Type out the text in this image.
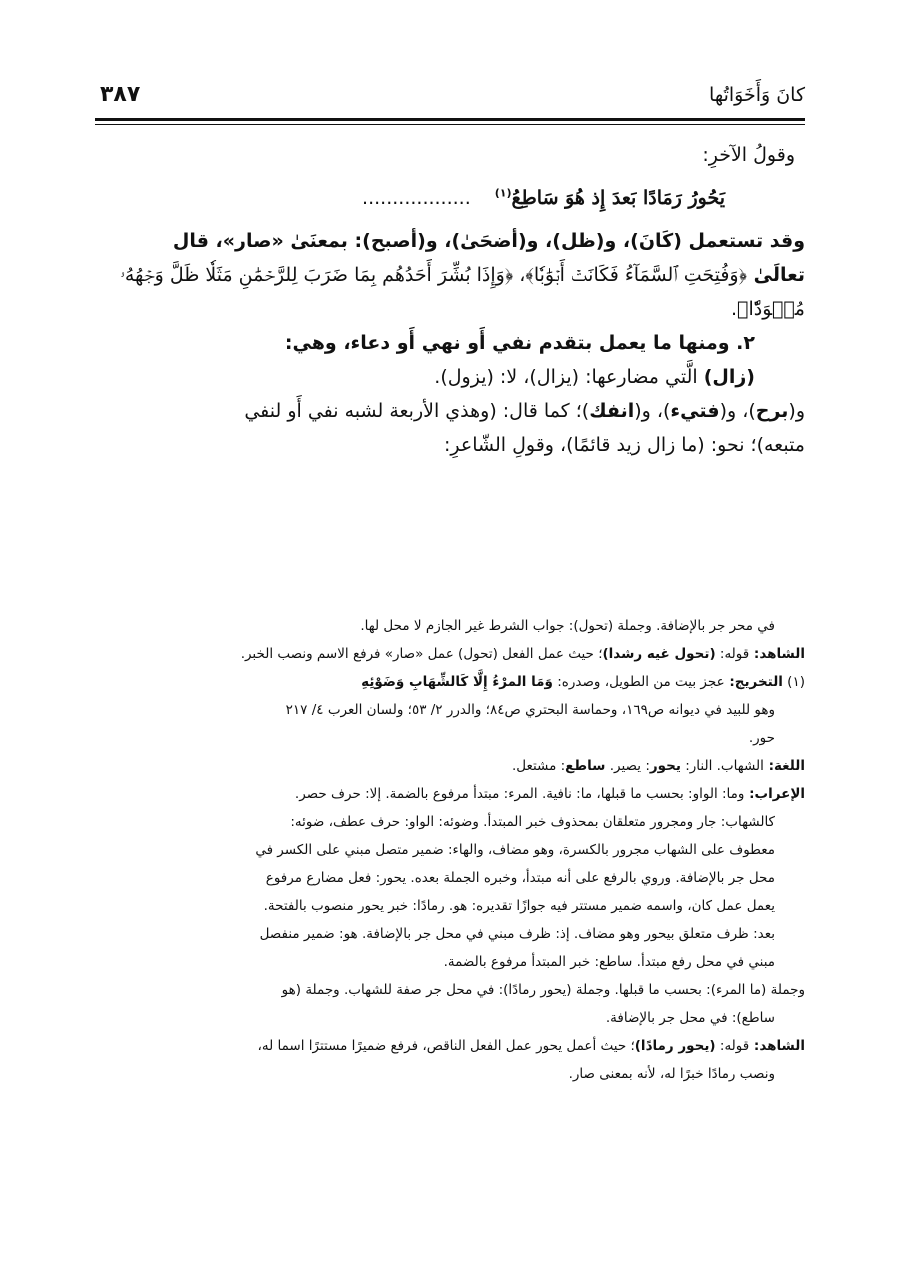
كانَ وَأَخَوَاتُها
٣٨٧
وقولُ الآخرِ:
يَحُورُ رَمَادًا بَعدَ إِذ هُوَ سَاطِعُ$^{(١)}$..................
وقد تستعمل (كَانَ)، و(ظل)، و(أضحَىٰ)، و(أصبح): بمعنَىٰ «صار»، قال
تعالَىٰ ﴿وَفُتِحَتِ ٱلسَّمَآءُ فَكَانَتۡ أَبۡوَٰبٗا﴾، ﴿وَإِذَا بُشِّرَ أَحَدُهُم بِمَا ضَرَبَ لِلرَّحۡمَٰنِ مَثَلٗا ظَلَّ وَجۡهُهُۥ
مُسۡوَدّٗا﴾.
٢. ومنها ما يعمل بتقدم نفي أَو نهي أَو دعاء، وهي:
(زال) الَّتي مضارعها: (يزال)، لا: (يزول).
و(برح)، و(فتيء)، و(انفك)؛ كما قال: (وهذي الأربعة لشبه نفي أَو لنفي
متبعه)؛ نحو: (ما زال زيد قائمًا)، وقولِ الشّاعرِ:
في محر جر بالإضافة. وجملة (تحول): جواب الشرط غير الجازم لا محل لها.
الشاهد: قوله: (تحول غيه رشدا)؛ حيث عمل الفعل (تحول) عمل «صار» فرفع الاسم ونصب الخبر.
(١) التخريج: عجز بيت من الطويل، وصدره: وَمَا المرْءُ إِلَّا كَالشِّهَابِ وَضَوْئِهِ
وهو للبيد في ديوانه ص١٦٩، وحماسة البحتري ص٨٤؛ والدرر ٢/ ٥٣؛ ولسان العرب ٤/ ٢١٧
حور.
اللغة: الشهاب. النار: يحور: يصير. ساطع: مشتعل.
الإعراب: وما: الواو: بحسب ما قبلها، ما: نافية. المرء: مبتدأ مرفوع بالضمة. إلا: حرف حصر.
كالشهاب: جار ومجرور متعلقان بمحذوف خبر المبتدأ. وضوئه: الواو: حرف عطف، ضوئه:
معطوف على الشهاب مجرور بالكسرة، وهو مضاف، والهاء: ضمير متصل مبني على الكسر في
محل جر بالإضافة. وروي بالرفع على أنه مبتدأ، وخبره الجملة بعده. يحور: فعل مضارع مرفوع
يعمل عمل كان، واسمه ضمير مستتر فيه جوازًا تقديره: هو. رمادًا: خبر يحور منصوب بالفتحة.
بعد: ظرف متعلق بيحور وهو مضاف. إذ: ظرف مبني في محل جر بالإضافة. هو: ضمير منفصل
مبني في محل رفع مبتدأ. ساطع: خبر المبتدأ مرفوع بالضمة.
وجملة (ما المرء): بحسب ما قبلها. وجملة (يحور رمادًا): في محل جر صفة للشهاب. وجملة (هو
ساطع): في محل جر بالإضافة.
الشاهد: قوله: (يحور رمادًا)؛ حيث أعمل يحور عمل الفعل الناقص، فرفع ضميرًا مستترًا اسما له،
ونصب رمادًا خبرًا له، لأنه بمعنى صار.
